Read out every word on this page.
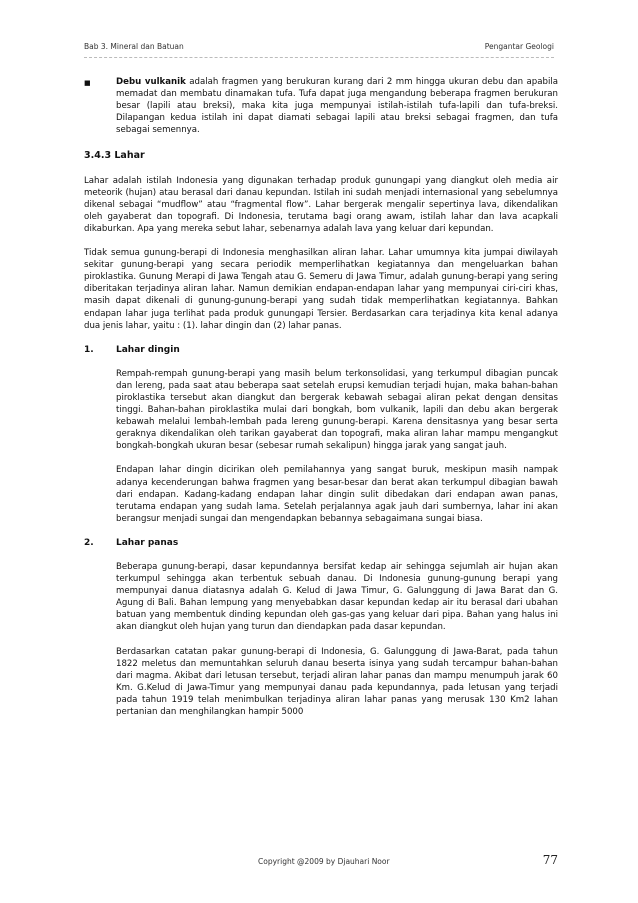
Bab 3. Mineral dan Batuan	Pengantar Geologi
■	Debu vulkanik adalah fragmen yang berukuran kurang dari 2 mm hingga ukuran debu dan apabila memadat dan membatu dinamakan tufa. Tufa dapat juga mengandung beberapa fragmen berukuran besar (lapili atau breksi), maka kita juga mempunyai istilah-istilah tufa-lapili dan tufa-breksi. Dilapangan kedua istilah ini dapat diamati sebagai lapili atau breksi sebagai fragmen, dan tufa sebagai semennya.
3.4.3 Lahar

Lahar adalah istilah Indonesia yang digunakan terhadap produk gunungapi yang diangkut oleh media air meteorik (hujan) atau berasal dari danau kepundan. Istilah ini sudah menjadi internasional yang sebelumnya dikenal sebagai “mudflow” atau “fragmental flow”. Lahar bergerak mengalir sepertinya lava, dikendalikan oleh gayaberat dan topografi. Di Indonesia, terutama bagi orang awam, istilah lahar dan lava acapkali dikaburkan. Apa yang mereka sebut lahar, sebenarnya adalah lava yang keluar dari kepundan.

Tidak semua gunung-berapi di Indonesia menghasilkan aliran lahar. Lahar umumnya kita jumpai diwilayah sekitar gunung-berapi yang secara periodik memperlihatkan kegiatannya dan mengeluarkan bahan piroklastika. Gunung Merapi di Jawa Tengah atau G. Semeru di Jawa Timur, adalah gunung-berapi yang sering diberitakan terjadinya aliran lahar. Namun demikian endapan-endapan lahar yang mempunyai ciri-ciri khas, masih dapat dikenali di gunung-gunung-berapi yang sudah tidak memperlihatkan kegiatannya. Bahkan endapan lahar juga terlihat pada produk gunungapi Tersier. Berdasarkan cara terjadinya kita kenal adanya dua jenis lahar, yaitu : (1). lahar dingin dan (2) lahar panas.

1.	Lahar dingin

Rempah-rempah gunung-berapi yang masih belum terkonsolidasi, yang terkumpul dibagian puncak dan lereng, pada saat atau beberapa saat setelah erupsi kemudian terjadi hujan, maka bahan-bahan piroklastika tersebut akan diangkut dan bergerak kebawah sebagai aliran pekat dengan densitas tinggi. Bahan-bahan piroklastika mulai dari bongkah, bom vulkanik, lapili dan debu akan bergerak kebawah melalui lembah-lembah pada lereng gunung-berapi. Karena densitasnya yang besar serta geraknya dikendalikan oleh tarikan gayaberat dan topografi, maka aliran lahar mampu mengangkut bongkah-bongkah ukuran besar (sebesar rumah sekalipun) hingga jarak yang sangat jauh.

Endapan lahar dingin dicirikan oleh pemilahannya yang sangat buruk, meskipun masih nampak adanya kecenderungan bahwa fragmen yang besar-besar dan berat akan terkumpul dibagian bawah dari endapan. Kadang-kadang endapan lahar dingin sulit dibedakan dari endapan awan panas, terutama endapan yang sudah lama. Setelah perjalannya agak jauh dari sumbernya, lahar ini akan berangsur menjadi sungai dan mengendapkan bebannya sebagaimana sungai biasa.

2.	Lahar panas

Beberapa gunung-berapi, dasar kepundannya bersifat kedap air sehingga sejumlah air hujan akan terkumpul sehingga akan terbentuk sebuah danau. Di Indonesia gunung-gunung berapi yang mempunyai danua diatasnya adalah G. Kelud di Jawa Timur, G. Galunggung di Jawa Barat dan G. Agung di Bali. Bahan lempung yang menyebabkan dasar kepundan kedap air itu berasal dari ubahan batuan yang membentuk dinding kepundan oleh gas-gas yang keluar dari pipa. Bahan yang halus ini akan diangkut oleh hujan yang turun dan diendapkan pada dasar kepundan.

Berdasarkan catatan pakar gunung-berapi di Indonesia, G. Galunggung di Jawa-Barat, pada tahun 1822 meletus dan memuntahkan seluruh danau beserta isinya yang sudah tercampur bahan-bahan dari magma. Akibat dari letusan tersebut, terjadi aliran lahar panas dan mampu menumpuh jarak 60 Km. G.Kelud di Jawa-Timur yang mempunyai danau pada kepundannya, pada letusan yang terjadi pada tahun 1919 telah menimbulkan terjadinya aliran lahar panas yang merusak 130 Km2 lahan pertanian dan menghilangkan hampir 5000

Copyright @2009 by Djauhari Noor	77
